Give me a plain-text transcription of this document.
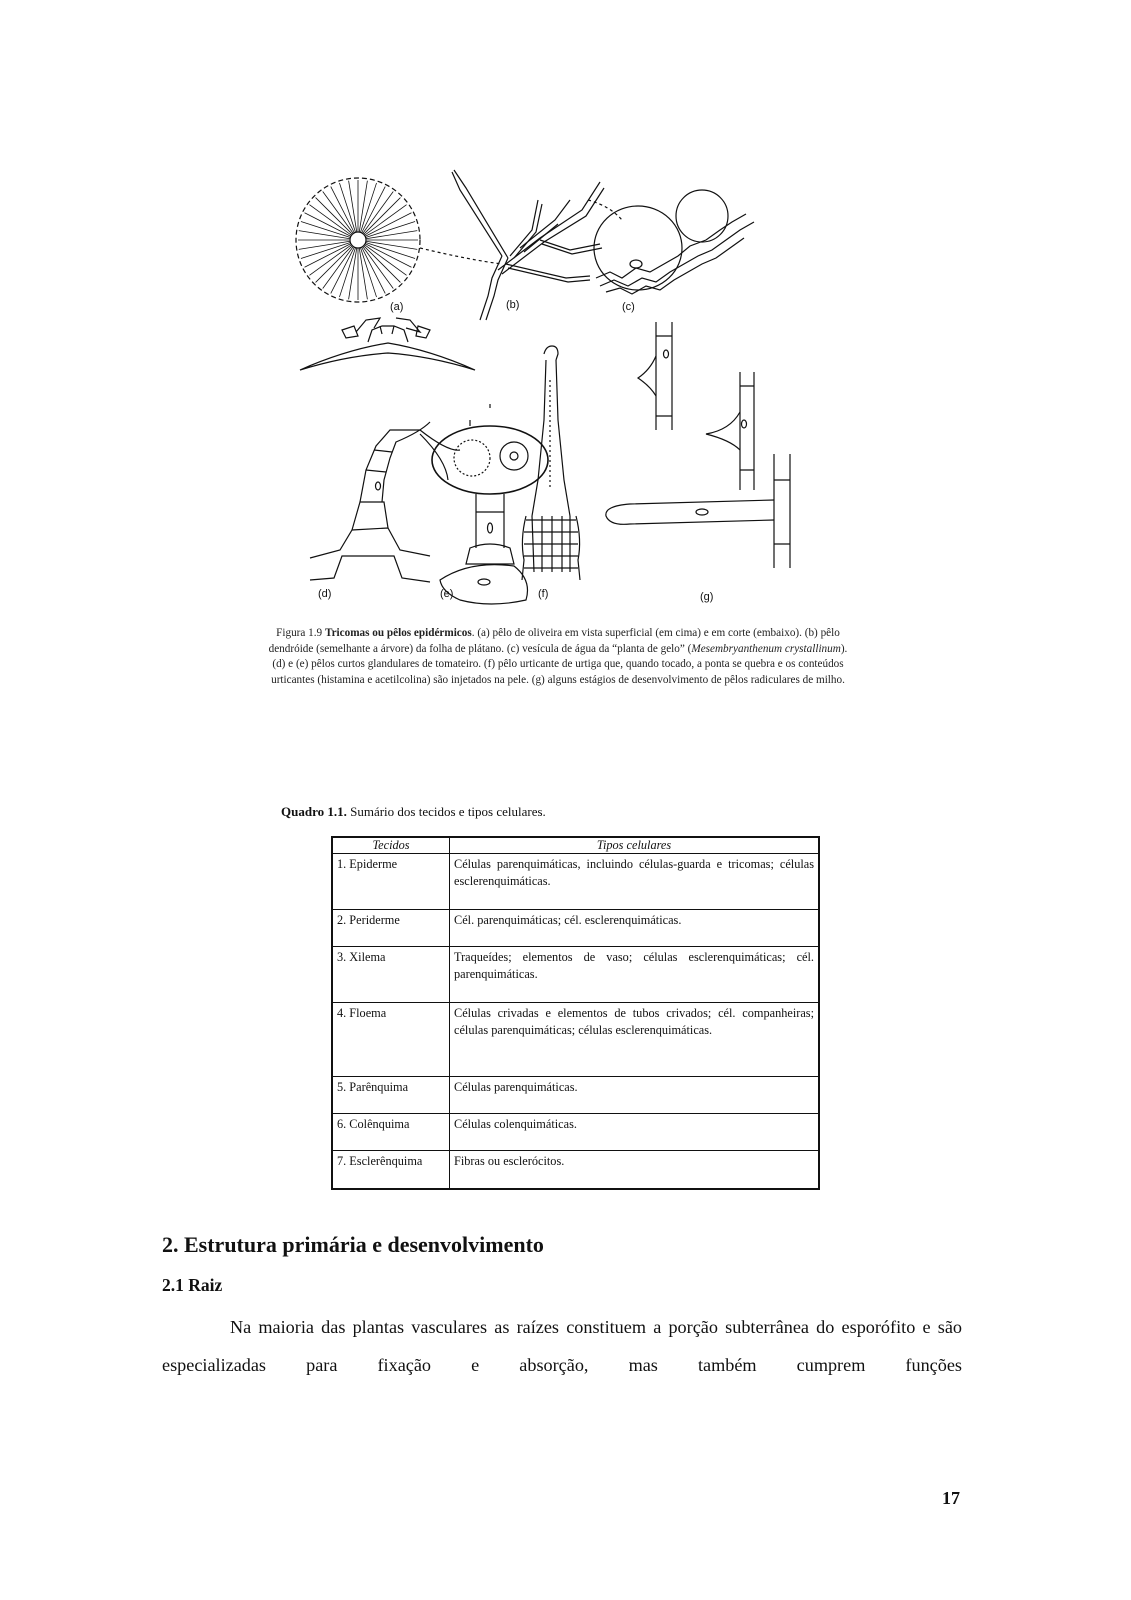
(a)	(b)	(c)
(d)	(e)	(f)	(g)
Figura 1.9 Tricomas ou pêlos epidérmicos. (a) pêlo de oliveira em vista superficial (em cima) e em corte (embaixo). (b) pêlo dendróide (semelhante a árvore) da folha de plátano. (c) vesícula de água da “planta de gelo” (Mesembryanthenum crystallinum). (d) e (e) pêlos curtos glandulares de tomateiro. (f) pêlo urticante de urtiga que, quando tocado, a ponta se quebra e os conteúdos urticantes (histamina e acetilcolina) são injetados na pele. (g) alguns estágios de desenvolvimento de pêlos radiculares de milho.
Quadro 1.1. Sumário dos tecidos e tipos celulares.
Tecidos	Tipos celulares
1. Epiderme	Células parenquimáticas, incluindo células-guarda e tricomas; células esclerenquimáticas.
2. Periderme	Cél. parenquimáticas; cél. esclerenquimáticas.
3. Xilema	Traqueídes; elementos de vaso; células esclerenquimáticas; cél. parenquimáticas.
4. Floema	Células crivadas e elementos de tubos crivados; cél. companheiras; células parenquimáticas; células esclerenquimáticas.
5. Parênquima	Células parenquimáticas.
6. Colênquima	Células colenquimáticas.
7. Esclerênquima	Fibras ou esclerócitos.
2. Estrutura primária e desenvolvimento
2.1 Raiz
Na maioria das plantas vasculares as raízes constituem a porção subterrânea do esporófito e são especializadas para fixação e absorção, mas também cumprem funções
17
